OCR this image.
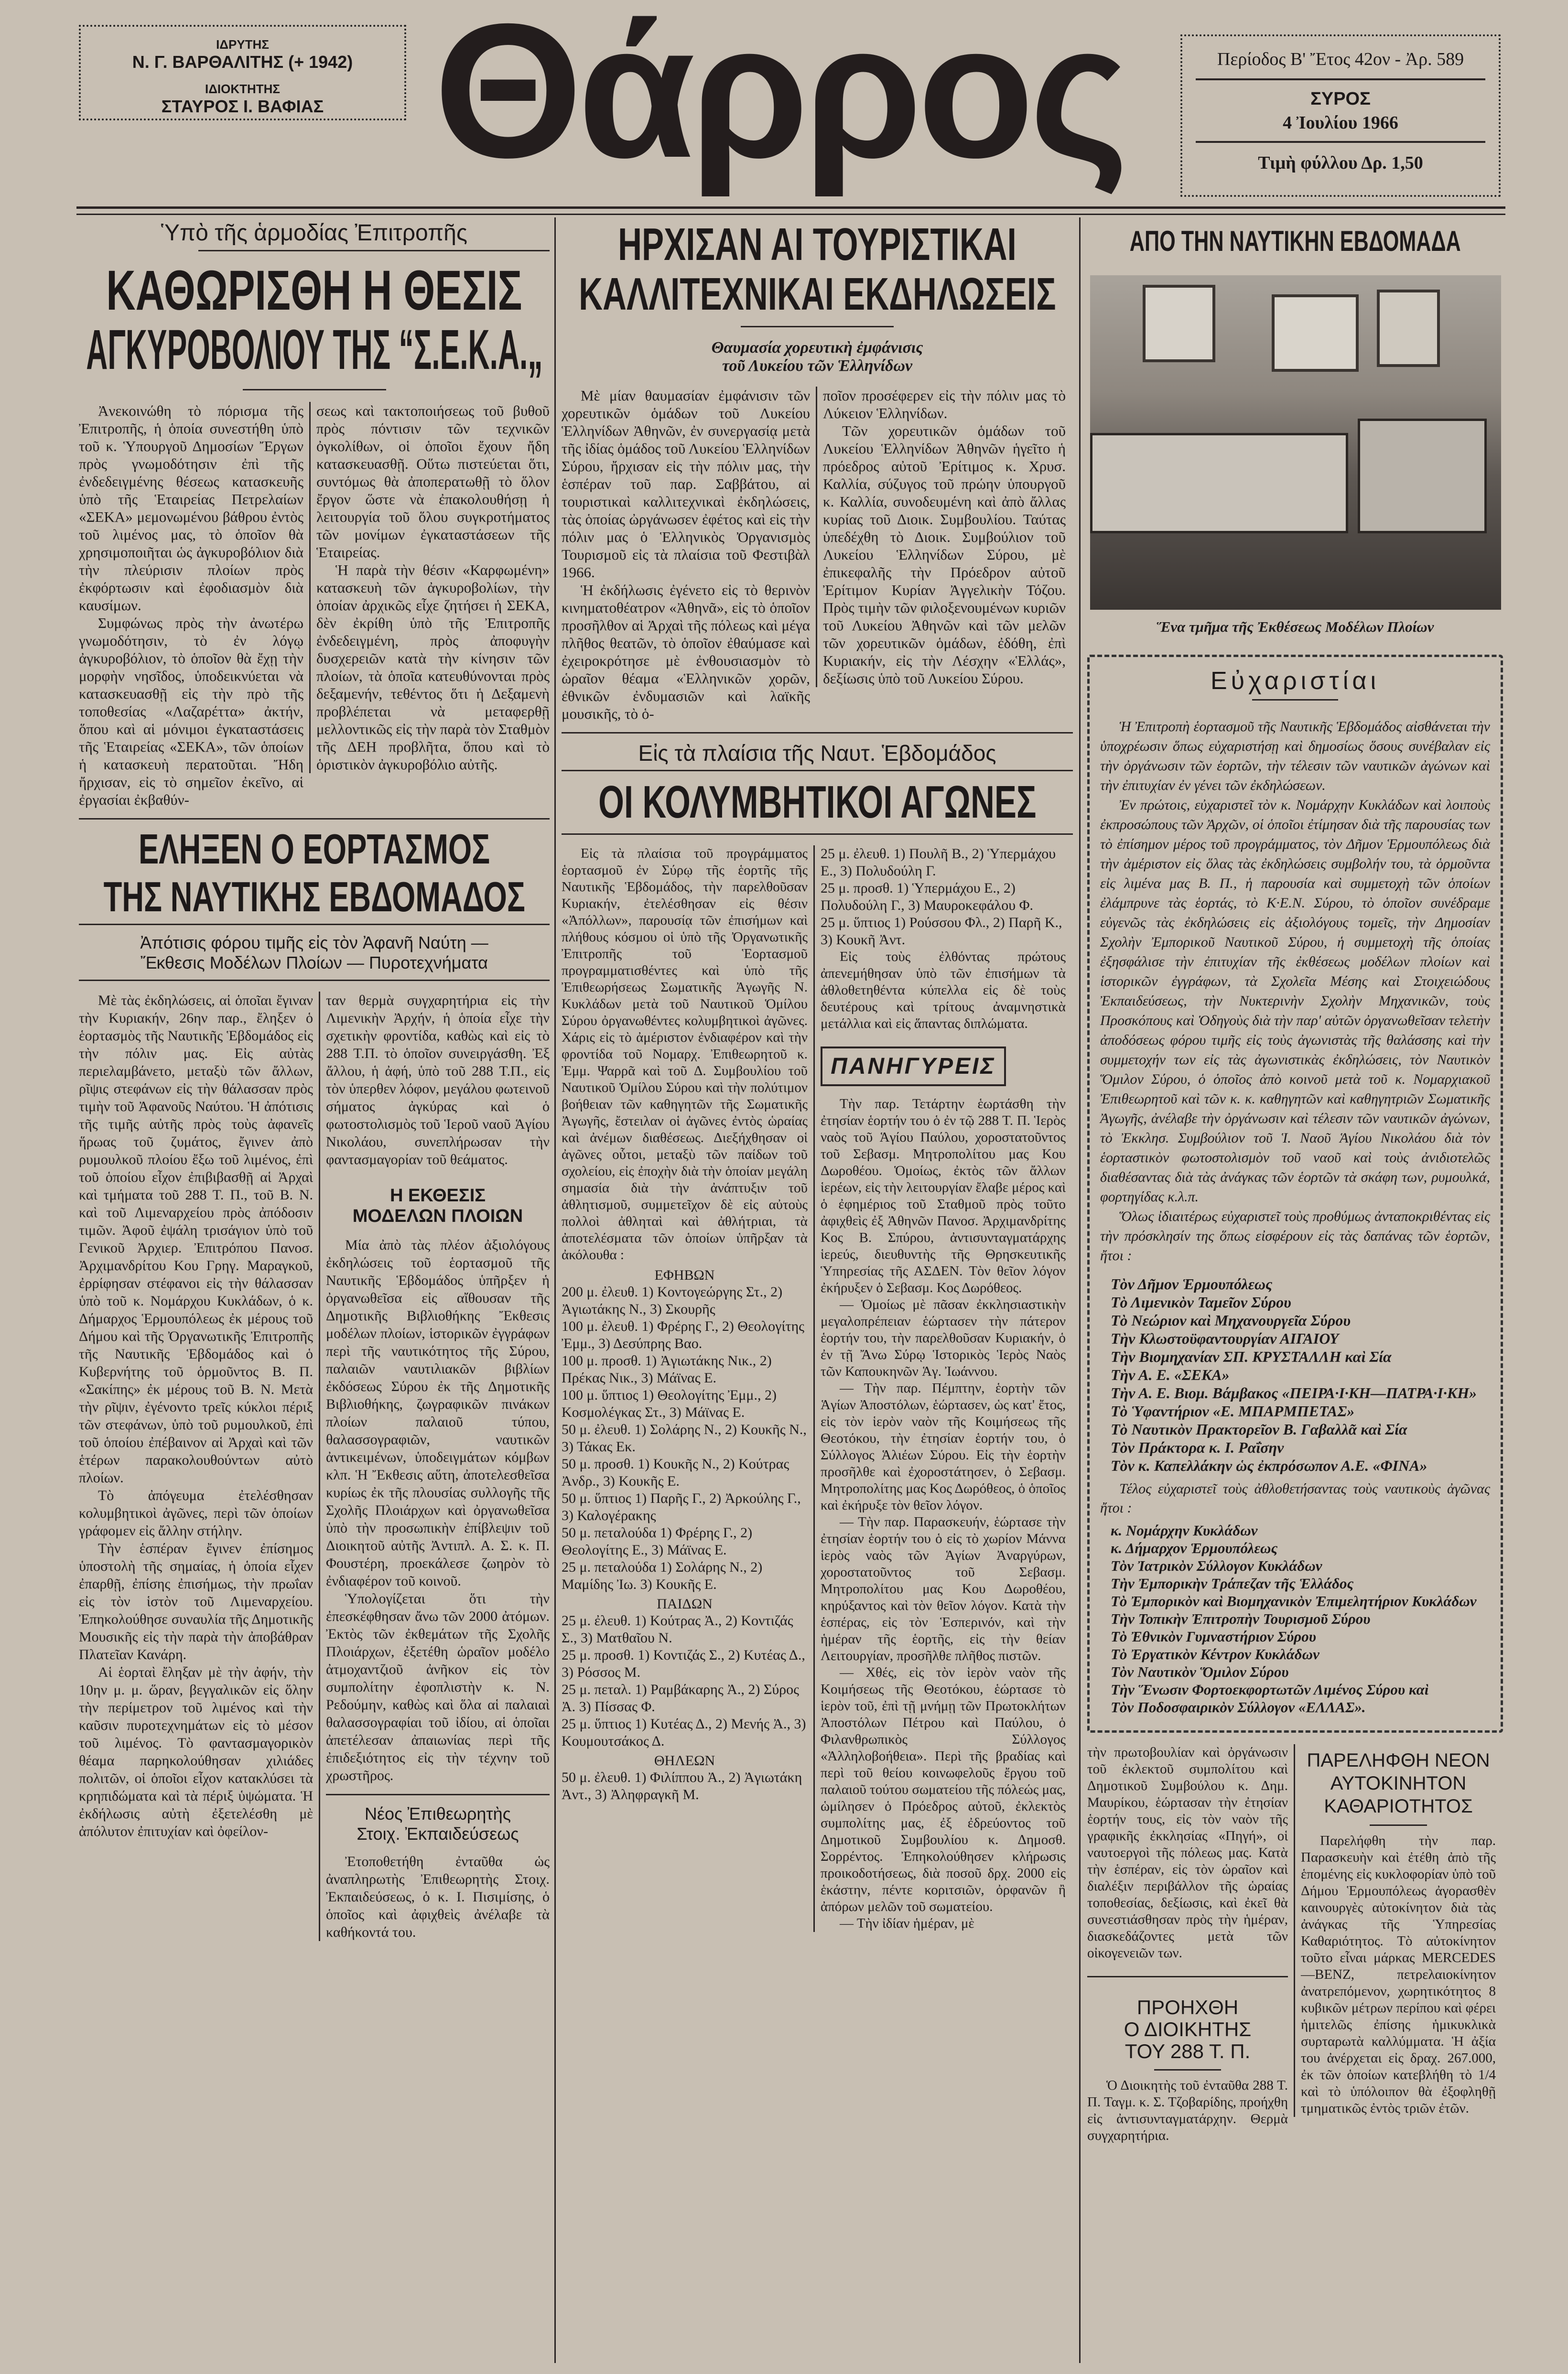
ΙΔΡΥΤΗΣ
Ν. Γ. ΒΑΡΘΑΛΙΤΗΣ (+ 1942)
ΙΔΙΟΚΤΗΤΗΣ
ΣΤΑΥΡΟΣ Ι. ΒΑΦΙΑΣ Θάρρος	Περίοδος Β' Ἔτος 42ον - Ἀρ. 589
ΣΥΡΟΣ
4 Ἰουλίου 1966
Τιμὴ φύλλου Δρ. 1,50
Ὑπὸ τῆς ἁρμοδίας Ἐπιτροπῆς
ΚΑΘΩΡΙΣΘΗ Η ΘΕΣΙΣ
ΑΓΚΥΡΟΒΟΛΙΟΥ ΤΗΣ “Σ.Ε.Κ.Α.„

Ἀνεκοινώθη τὸ πόρισμα τῆς Ἐπιτροπῆς, ἡ ὁποία συνεστήθη ὑπὸ τοῦ κ. Ὑπουργοῦ Δημοσίων Ἔργων πρὸς γνωμοδότησιν ἐπὶ τῆς ἐνδεδειγμένης θέσεως κατασκευῆς ὑπὸ τῆς Ἑταιρείας Πετρελαίων «ΣΕΚΑ» μεμονωμένου βάθρου ἐντὸς τοῦ λιμένος μας, τὸ ὁποῖον θὰ χρησιμοποιῆται ὡς ἀγκυροβόλιον διὰ τὴν πλεύρισιν πλοίων πρὸς ἐκφόρτωσιν καὶ ἐφοδιασμὸν διὰ καυσίμων.

Συμφώνως πρὸς τὴν ἀνωτέρω γνωμοδότησιν, τὸ ἐν λόγῳ ἀγκυροβόλιον, τὸ ὁποῖον θὰ ἔχῃ τὴν μορφὴν νησῖδος, ὑποδεικνύεται νὰ κατασκευασθῇ εἰς τὴν πρὸ τῆς τοποθεσίας «Λαζαρέττα» ἀκτήν, ὅπου καὶ αἱ μόνιμοι ἐγκαταστάσεις τῆς Ἑταιρείας «ΣΕΚΑ», τῶν ὁποίων ἡ κατασκευὴ περατοῦται. Ἤδη ἤρχισαν, εἰς τὸ σημεῖον ἐκεῖνο, αἱ ἐργασίαι ἐκβαθύν-

σεως καὶ τακτοποιήσεως τοῦ βυθοῦ πρὸς πόντισιν τῶν τεχνικῶν ὀγκολίθων, οἱ ὁποῖοι ἔχουν ἤδη κατασκευασθῇ. Οὕτω πιστεύεται ὅτι, συντόμως θὰ ἀποπερατωθῇ τὸ ὅλον ἔργον ὥστε νὰ ἐπακολουθήσῃ ἡ λειτουργία τοῦ ὅλου συγκροτήματος τῶν μονίμων ἐγκαταστάσεων τῆς Ἑταιρείας.

Ἡ παρὰ τὴν θέσιν «Καρφωμένη» κατασκευὴ τῶν ἀγκυροβολίων, τὴν ὁποίαν ἀρχικῶς εἶχε ζητήσει ἡ ΣΕΚΑ, δὲν ἐκρίθη ὑπὸ τῆς Ἐπιτροπῆς ἐνδεδειγμένη, πρὸς ἀποφυγὴν δυσχερειῶν κατὰ τὴν κίνησιν τῶν πλοίων, τὰ ὁποῖα κατευθύνονται πρὸς δεξαμενήν, τεθέντος ὅτι ἡ Δεξαμενὴ προβλέπεται νὰ μεταφερθῇ μελλοντικῶς εἰς τὴν παρὰ τὸν Σταθμὸν τῆς ΔΕΗ προβλῆτα, ὅπου καὶ τὸ ὁριστικὸν ἀγκυροβόλιο αὐτῆς.

ΕΛΗΞΕΝ Ο ΕΟΡΤΑΣΜΟΣ
ΤΗΣ ΝΑΥΤΙΚΗΣ ΕΒΔΟΜΑΔΟΣ
Ἀπότισις φόρου τιμῆς εἰς τὸν Ἀφανῆ Ναύτη —
Ἔκθεσις Μοδέλων Πλοίων — Πυροτεχνήματα

Μὲ τὰς ἐκδηλώσεις, αἱ ὁποῖαι ἔγιναν τὴν Κυριακήν, 26ην παρ., ἔληξεν ὁ ἑορτασμὸς τῆς Ναυτικῆς Ἑβδομάδος εἰς τὴν πόλιν μας. Εἰς αὐτὰς περιελαμβάνετο, μεταξὺ τῶν ἄλλων, ρῖψις στεφάνων εἰς τὴν θάλασσαν πρὸς τιμὴν τοῦ Ἀφανοῦς Ναύτου. Ἡ ἀπότισις τῆς τιμῆς αὐτῆς πρὸς τοὺς ἀφανεῖς ἥρωας τοῦ ζυμάτος, ἔγινεν ἀπὸ ρυμουλκοῦ πλοίου ἔξω τοῦ λιμένος, ἐπὶ τοῦ ὁποίου εἶχον ἐπιβιβασθῇ αἱ Ἀρχαὶ καὶ τμήματα τοῦ 288 Τ. Π., τοῦ Β. Ν. καὶ τοῦ Λιμεναρχείου πρὸς ἀπόδοσιν τιμῶν. Ἀφοῦ ἐψάλη τρισάγιον ὑπὸ τοῦ Γενικοῦ Ἀρχιερ. Ἐπιτρόπου Πανοσ. Ἀρχιμανδρίτου Κου Γρηγ. Μαραγκοῦ, ἐρρίφησαν στέφανοι εἰς τὴν θάλασσαν ὑπὸ τοῦ κ. Νομάρχου Κυκλάδων, ὁ κ. Δήμαρχος Ἑρμουπόλεως ἐκ μέρους τοῦ Δήμου καὶ τῆς Ὀργανωτικῆς Ἐπιτροπῆς τῆς Ναυτικῆς Ἑβδομάδος καὶ ὁ Κυβερνήτης τοῦ ὁρμοῦντος Β. Π. «Σακίπης» ἐκ μέρους τοῦ Β. Ν. Μετὰ τὴν ρῖψιν, ἐγένοντο τρεῖς κύκλοι πέριξ τῶν στεφάνων, ὑπὸ τοῦ ρυμουλκοῦ, ἐπὶ τοῦ ὁποίου ἐπέβαινον αἱ Ἀρχαὶ καὶ τῶν ἑτέρων παρακολουθούντων αὐτὸ πλοίων.

Τὸ ἀπόγευμα ἐτελέσθησαν κολυμβητικοὶ ἀγῶνες, περὶ τῶν ὁποίων γράφομεν εἰς ἄλλην στήλην.

Τὴν ἑσπέραν ἔγινεν ἐπίσημος ὑποστολὴ τῆς σημαίας, ἡ ὁποία εἶχεν ἐπαρθῇ, ἐπίσης ἐπισήμως, τὴν πρωΐαν εἰς τὸν ἱστὸν τοῦ Λιμεναρχείου. Ἐπηκολούθησε συναυλία τῆς Δημοτικῆς Μουσικῆς εἰς τὴν παρὰ τὴν ἀποβάθραν Πλατεῖαν Κανάρη.

Αἱ ἑορταὶ ἔληξαν μὲ τὴν ἀφήν, τὴν 10ην μ. μ. ὥραν, βεγγαλικῶν εἰς ὅλην τὴν περίμετρον τοῦ λιμένος καὶ τὴν καῦσιν πυροτεχνημάτων εἰς τὸ μέσον τοῦ λιμένος. Τὸ φαντασμαγορικὸν θέαμα παρηκολούθησαν χιλιάδες πολιτῶν, οἱ ὁποῖοι εἶχον κατακλύσει τὰ κρηπιδώματα καὶ τὰ πέριξ ὑψώματα. Ἡ ἐκδήλωσις αὐτὴ ἐξετελέσθη μὲ ἀπόλυτον ἐπιτυχίαν καὶ ὀφείλον-

ταν θερμὰ συγχαρητήρια εἰς τὴν Λιμενικὴν Ἀρχήν, ἡ ὁποία εἶχε τὴν σχετικὴν φροντίδα, καθὼς καὶ εἰς τὸ 288 Τ.Π. τὸ ὁποῖον συνειργάσθη. Ἐξ ἄλλου, ἡ ἀφή, ὑπὸ τοῦ 288 Τ.Π., εἰς τὸν ὑπερθεν λόφον, μεγάλου φωτεινοῦ σήματος ἀγκύρας καὶ ὁ φωτοστολισμὸς τοῦ Ἱεροῦ ναοῦ Ἁγίου Νικολάου, συνεπλήρωσαν τὴν φαντασμαγορίαν τοῦ θεάματος.

Η ΕΚΘΕΣΙΣ
ΜΟΔΕΛΩΝ ΠΛΟΙΩΝ

Μία ἀπὸ τὰς πλέον ἀξιολόγους ἐκδηλώσεις τοῦ ἑορτασμοῦ τῆς Ναυτικῆς Ἑβδομάδος ὑπῆρξεν ἡ ὀργανωθεῖσα εἰς αἴθουσαν τῆς Δημοτικῆς Βιβλιοθήκης Ἔκθεσις μοδέλων πλοίων, ἱστορικῶν ἐγγράφων περὶ τῆς ναυτικότητος τῆς Σύρου, παλαιῶν ναυτιλιακῶν βιβλίων ἐκδόσεως Σύρου ἐκ τῆς Δημοτικῆς Βιβλιοθήκης, ζωγραφικῶν πινάκων πλοίων παλαιοῦ τύπου, θαλασσογραφιῶν, ναυτικῶν ἀντικειμένων, ὑποδειγμάτων κόμβων κλπ. Ἡ Ἔκθεσις αὕτη, ἀποτελεσθεῖσα κυρίως ἐκ τῆς πλουσίας συλλογῆς τῆς Σχολῆς Πλοιάρχων καὶ ὀργανωθεῖσα ὑπὸ τὴν προσωπικὴν ἐπίβλεψιν τοῦ Διοικητοῦ αὐτῆς Ἀντιπλ. Α. Σ. κ. Π. Φουστέρη, προεκάλεσε ζωηρὸν τὸ ἐνδιαφέρον τοῦ κοινοῦ.

Ὑπολογίζεται ὅτι τὴν ἐπεσκέφθησαν ἄνω τῶν 2000 ἀτόμων. Ἐκτὸς τῶν ἐκθεμάτων τῆς Σχολῆς Πλοιάρχων, ἐξετέθη ὡραῖον μοδέλο ἀτμοχαντζιοῦ ἀνῆκον εἰς τὸν συμπολίτην ἐφοπλιστὴν κ. Ν. Ρεδούμην, καθὼς καὶ ὅλα αἱ παλαιαὶ θαλασσογραφίαι τοῦ ἰδίου, αἱ ὁποῖαι ἀπετέλεσαν ἀπαιωνίας περὶ τῆς ἐπιδεξιότητος εἰς τὴν τέχνην τοῦ χρωστῆρος.

Νέος Ἐπιθεωρητὴς
Στοιχ. Ἐκπαιδεύσεως

Ἐτοποθετήθη ἐνταῦθα ὡς ἀναπληρωτὴς Ἐπιθεωρητὴς Στοιχ. Ἐκπαιδεύσεως, ὁ κ. Ι. Πισιμίσης, ὁ ὁποῖος καὶ ἀφιχθεὶς ἀνέλαβε τὰ καθήκοντά του.

ΗΡΧΙΣΑΝ ΑΙ ΤΟΥΡΙΣΤΙΚΑΙ
ΚΑΛΛΙΤΕΧΝΙΚΑΙ ΕΚΔΗΛΩΣΕΙΣ
Θαυμασία χορευτικὴ ἐμφάνισις
τοῦ Λυκείου τῶν Ἑλληνίδων

Μὲ μίαν θαυμασίαν ἐμφάνισιν τῶν χορευτικῶν ὁμάδων τοῦ Λυκείου Ἑλληνίδων Ἀθηνῶν, ἐν συνεργασίᾳ μετὰ τῆς ἰδίας ὁμάδος τοῦ Λυκείου Ἑλληνίδων Σύρου, ἤρχισαν εἰς τὴν πόλιν μας, τὴν ἑσπέραν τοῦ παρ. Σαββάτου, αἱ τουριστικαὶ καλλιτεχνικαὶ ἐκδηλώσεις, τὰς ὁποίας ὠργάνωσεν ἐφέτος καὶ εἰς τὴν πόλιν μας ὁ Ἑλληνικὸς Ὀργανισμὸς Τουρισμοῦ εἰς τὰ πλαίσια τοῦ Φεστιβὰλ 1966.

Ἡ ἐκδήλωσις ἐγένετο εἰς τὸ θερινὸν κινηματοθέατρον «Ἀθηνᾶ», εἰς τὸ ὁποῖον προσῆλθον αἱ Ἀρχαὶ τῆς πόλεως καὶ μέγα πλῆθος θεατῶν, τὸ ὁποῖον ἐθαύμασε καὶ ἐχειροκρότησε μὲ ἐνθουσιασμὸν τὸ ὡραῖον θέαμα «Ἑλληνικῶν χορῶν, ἐθνικῶν ἐνδυμασιῶν καὶ λαϊκῆς μουσικῆς, τὸ ὁ-

ποῖον προσέφερεν εἰς τὴν πόλιν μας τὸ Λύκειον Ἑλληνίδων.

Τῶν χορευτικῶν ὁμάδων τοῦ Λυκείου Ἑλληνίδων Ἀθηνῶν ἡγεῖτο ἡ πρόεδρος αὐτοῦ Ἐρίτιμος κ. Χρυσ. Καλλία, σύζυγος τοῦ πρώην ὑπουργοῦ κ. Καλλία, συνοδευμένη καὶ ἀπὸ ἄλλας κυρίας τοῦ Διοικ. Συμβουλίου. Ταύτας ὑπεδέχθη τὸ Διοικ. Συμβούλιον τοῦ Λυκείου Ἑλληνίδων Σύρου, μὲ ἐπικεφαλῆς τὴν Πρόεδρον αὐτοῦ Ἐρίτιμον Κυρίαν Ἀγγελικὴν Τόζου. Πρὸς τιμὴν τῶν φιλοξενουμένων κυριῶν τοῦ Λυκείου Ἀθηνῶν καὶ τῶν μελῶν τῶν χορευτικῶν ὁμάδων, ἐδόθη, ἐπὶ Κυριακήν, εἰς τὴν Λέσχην «Ἑλλάς», δεξίωσις ὑπὸ τοῦ Λυκείου Σύρου.

Εἰς τὰ πλαίσια τῆς Ναυτ. Ἑβδομάδος
ΟΙ ΚΟΛΥΜΒΗΤΙΚΟΙ ΑΓΩΝΕΣ

Εἰς τὰ πλαίσια τοῦ προγράμματος ἑορτασμοῦ ἐν Σύρῳ τῆς ἑορτῆς τῆς Ναυτικῆς Ἑβδομάδος, τὴν παρελθοῦσαν Κυριακήν, ἐτελέσθησαν εἰς θέσιν «Ἀπόλλων», παρουσίᾳ τῶν ἐπισήμων καὶ πλήθους κόσμου οἱ ὑπὸ τῆς Ὀργανωτικῆς Ἐπιτροπῆς τοῦ Ἑορτασμοῦ προγραμματισθέντες καὶ ὑπὸ τῆς Ἐπιθεωρήσεως Σωματικῆς Ἀγωγῆς Ν. Κυκλάδων μετὰ τοῦ Ναυτικοῦ Ὁμίλου Σύρου ὀργανωθέντες κολυμβητικοὶ ἀγῶνες. Χάρις εἰς τὸ ἀμέριστον ἐνδιαφέρον καὶ τὴν φροντίδα τοῦ Νομαρχ. Ἐπιθεωρητοῦ κ. Ἐμμ. Ψαρρᾶ καὶ τοῦ Δ. Συμβουλίου τοῦ Ναυτικοῦ Ὁμίλου Σύρου καὶ τὴν πολύτιμον βοήθειαν τῶν καθηγητῶν τῆς Σωματικῆς Ἀγωγῆς, ἔστειλαν οἱ ἀγῶνες ἐντὸς ὡραίας καὶ ἀνέμων διαθέσεως. Διεξήχθησαν οἱ ἀγῶνες οὗτοι, μεταξὺ τῶν παίδων τοῦ σχολείου, εἰς ἐποχὴν διὰ τὴν ὁποίαν μεγάλη σημασία διὰ τὴν ἀνάπτυξιν τοῦ ἀθλητισμοῦ, συμμετεῖχον δὲ εἰς αὐτοὺς πολλοὶ ἀθληταὶ καὶ ἀθλήτριαι, τὰ ἀποτελέσματα τῶν ὁποίων ὑπῆρξαν τὰ ἀκόλουθα :

ΕΦΗΒΩΝ
200 μ. ἐλευθ. 1) Κοντογεώργης Στ., 2) Ἀγιωτάκης Ν., 3) Σκουρῆς
100 μ. ἐλευθ. 1) Φρέρης Γ., 2) Θεολογίτης Ἐμμ., 3) Δεσύπρης Βαο.
100 μ. προσθ. 1) Ἀγιωτάκης Νικ., 2) Πρέκας Νικ., 3) Μάϊνας Ε.
100 μ. ὕπτιος 1) Θεολογίτης Ἐμμ., 2) Κοσμολέγκας Στ., 3) Μάϊνας Ε.
50 μ. ἐλευθ. 1) Σολάρης Ν., 2) Κουκῆς Ν., 3) Τάκας Εκ.
50 μ. προσθ. 1) Κουκῆς Ν., 2) Κούτρας Ἀνδρ., 3) Κουκῆς Ε.
50 μ. ὕπτιος 1) Παρῆς Γ., 2) Ἀρκούλης Γ., 3) Καλογέρακης
50 μ. πεταλούδα 1) Φρέρης Γ., 2) Θεολογίτης Ε., 3) Μάϊνας Ε.
25 μ. πεταλούδα 1) Σολάρης Ν., 2) Μαμίδης Ἰω. 3) Κουκῆς Ε.
ΠΑΙΔΩΝ
25 μ. ἐλευθ. 1) Κούτρας Ἀ., 2) Κοντιζάς Σ., 3) Ματθαῖου Ν.
25 μ. προσθ. 1) Κοντιζάς Σ., 2) Κυτέας Δ., 3) Ρόσσος Μ.
25 μ. πεταλ. 1) Ραμβάκαρης Ἀ., 2) Σύρος Ἀ. 3) Πίσσας Φ.
25 μ. ὕπτιος 1) Κυτέας Δ., 2) Μενής Ἀ., 3) Κουμουτσάκος Δ.
ΘΗΛΕΩΝ
50 μ. ἐλευθ. 1) Φιλίππου Ἀ., 2) Ἀγιωτάκη Ἀντ., 3) Ἀληφραγκῆ Μ.
25 μ. ἐλευθ. 1) Πουλῆ Β., 2) Ὑπερμάχου Ε., 3) Πολυδούλη Γ.
25 μ. προσθ. 1) Ὑπερμάχου Ε., 2) Πολυδούλη Γ., 3) Μαυροκεφάλου Φ.
25 μ. ὕπτιος 1) Ρούσσου Φλ., 2) Παρῆ Κ., 3) Κουκῆ Ἀντ.

Εἰς τοὺς ἐλθόντας πρώτους ἀπενεμήθησαν ὑπὸ τῶν ἐπισήμων τὰ ἀθλοθετηθέντα κύπελλα εἰς δὲ τοὺς δευτέρους καὶ τρίτους ἀναμνηστικὰ μετάλλια καὶ εἰς ἅπαντας διπλώματα.

ΠΑΝΗΓΥΡΕΙΣ

Τὴν παρ. Τετάρτην ἑωρτάσθη τὴν ἐτησίαν ἑορτήν του ὁ ἐν τῷ 288 Τ. Π. Ἱερὸς ναὸς τοῦ Ἁγίου Παύλου, χοροστατοῦντος τοῦ Σεβασμ. Μητροπολίτου μας Κου Δωροθέου. Ὁμοίως, ἐκτὸς τῶν ἄλλων ἱερέων, εἰς τὴν λειτουργίαν ἔλαβε μέρος καὶ ὁ ἐφημέριος τοῦ Σταθμοῦ πρὸς τοῦτο ἀφιχθεὶς ἐξ Ἀθηνῶν Πανοσ. Ἀρχιμανδρίτης Κος Β. Σπύρου, ἀντισυνταγματάρχης ἱερεύς, διευθυντὴς τῆς Θρησκευτικῆς Ὑπηρεσίας τῆς ΑΣΔΕΝ. Τὸν θεῖον λόγον ἐκήρυξεν ὁ Σεβασμ. Κος Δωρόθεος.

— Ὁμοίως μὲ πᾶσαν ἐκκλησιαστικὴν μεγαλοπρέπειαν ἑώρτασεν τὴν πάτερον ἑορτήν του, τὴν παρελθοῦσαν Κυριακήν, ὁ ἐν τῇ Ἄνω Σύρῳ Ἱστορικὸς Ἱερὸς Ναὸς τῶν Καπουκηνῶν Ἁγ. Ἰωάννου.

— Τὴν παρ. Πέμπτην, ἑορτὴν τῶν Ἁγίων Ἀποστόλων, ἑώρτασεν, ὡς κατ' ἔτος, εἰς τὸν ἱερὸν ναὸν τῆς Κοιμήσεως τῆς Θεοτόκου, τὴν ἐτησίαν ἑορτήν του, ὁ Σύλλογος Ἁλιέων Σύρου. Εἰς τὴν ἑορτὴν προσῆλθε καὶ ἐχοροστάτησεν, ὁ Σεβασμ. Μητροπολίτης μας Κος Δωρόθεος, ὁ ὁποῖος καὶ ἐκήρυξε τὸν θεῖον λόγον.

— Τὴν παρ. Παρασκευήν, ἑώρτασε τὴν ἐτησίαν ἑορτήν του ὁ εἰς τὸ χωρίον Μάννα ἱερὸς ναὸς τῶν Ἁγίων Ἀναργύρων, χοροστατοῦντος τοῦ Σεβασμ. Μητροπολίτου μας Κου Δωροθέου, κηρύξαντος καὶ τὸν θεῖον λόγον. Κατὰ τὴν ἑσπέρας, εἰς τὸν Ἑσπερινόν, καὶ τὴν ἡμέραν τῆς ἑορτῆς, εἰς τὴν θείαν Λειτουργίαν, προσῆλθε πλῆθος πιστῶν.

— Χθές, εἰς τὸν ἱερὸν ναὸν τῆς Κοιμήσεως τῆς Θεοτόκου, ἑώρτασε τὸ ἱερὸν τοῦ, ἐπὶ τῇ μνήμῃ τῶν Πρωτοκλήτων Ἀποστόλων Πέτρου καὶ Παύλου, ὁ Φιλανθρωπικὸς Σύλλογος «Ἀλληλοβοήθεια». Περὶ τῆς βραδίας καὶ περὶ τοῦ θείου κοινωφελοῦς ἔργου τοῦ παλαιοῦ τούτου σωματείου τῆς πόλεώς μας, ὡμίλησεν ὁ Πρόεδρος αὐτοῦ, ἐκλεκτὸς συμπολίτης μας, ἐξ ἐδρεύοντος τοῦ Δημοτικοῦ Συμβουλίου κ. Δημοσθ. Σορρέντος. Ἐπηκολούθησεν κλήρωσις προικοδοτήσεως, διὰ ποσοῦ δρχ. 2000 εἰς ἑκάστην, πέντε κοριτσιῶν, ὀρφανῶν ἢ ἀπόρων μελῶν τοῦ σωματείου.

— Τὴν ἰδίαν ἡμέραν, μὲ

ΑΠΟ ΤΗΝ ΝΑΥΤΙΚΗΝ ΕΒΔΟΜΑΔΑ
Ἕνα τμῆμα τῆς Ἐκθέσεως Μοδέλων Πλοίων
Εὐχαριστίαι

Ἡ Ἐπιτροπὴ ἑορτασμοῦ τῆς Ναυτικῆς Ἑβδομάδος αἰσθάνεται τὴν ὑποχρέωσιν ὅπως εὐχαριστήσῃ καὶ δημοσίως ὅσους συνέβαλαν εἰς τὴν ὀργάνωσιν τῶν ἑορτῶν, τὴν τέλεσιν τῶν ναυτικῶν ἀγώνων καὶ τὴν ἐπιτυχίαν ἐν γένει τῶν ἐκδηλώσεων.

Ἐν πρώτοις, εὐχαριστεῖ τὸν κ. Νομάρχην Κυκλάδων καὶ λοιποὺς ἐκπροσώπους τῶν Ἀρχῶν, οἱ ὁποῖοι ἐτίμησαν διὰ τῆς παρουσίας των τὸ ἐπίσημον μέρος τοῦ προγράμματος, τὸν Δῆμον Ἑρμουπόλεως διὰ τὴν ἀμέριστον εἰς ὅλας τὰς ἐκδηλώσεις συμβολήν του, τὰ ὁρμοῦντα εἰς λιμένα μας Β. Π., ἡ παρουσία καὶ συμμετοχὴ τῶν ὁποίων ἐλάμπρυνε τὰς ἑορτάς, τὸ Κ·Ε.Ν. Σύρου, τὸ ὁποῖον συνέδραμε εὐγενῶς τὰς ἐκδηλώσεις εἰς ἀξιολόγους τομεῖς, τὴν Δημοσίαν Σχολὴν Ἐμπορικοῦ Ναυτικοῦ Σύρου, ἡ συμμετοχὴ τῆς ὁποίας ἐξησφάλισε τὴν ἐπιτυχίαν τῆς ἐκθέσεως μοδέλων πλοίων καὶ ἱστορικῶν ἐγγράφων, τὰ Σχολεῖα Μέσης καὶ Στοιχειώδους Ἐκπαιδεύσεως, τὴν Νυκτερινὴν Σχολὴν Μηχανικῶν, τοὺς Προσκόπους καὶ Ὁδηγοὺς διὰ τὴν παρ' αὐτῶν ὀργανωθεῖσαν τελετὴν ἀποδόσεως φόρου τιμῆς εἰς τοὺς ἀγωνιστὰς τῆς θαλάσσης καὶ τὴν συμμετοχήν των εἰς τὰς ἀγωνιστικὰς ἐκδηλώσεις, τὸν Ναυτικὸν Ὅμιλον Σύρου, ὁ ὁποῖος ἀπὸ κοινοῦ μετὰ τοῦ κ. Νομαρχιακοῦ Ἐπιθεωρητοῦ καὶ τῶν κ. κ. καθηγητῶν καὶ καθηγητριῶν Σωματικῆς Ἀγωγῆς, ἀνέλαβε τὴν ὀργάνωσιν καὶ τέλεσιν τῶν ναυτικῶν ἀγώνων, τὸ Ἐκκλησ. Συμβούλιον τοῦ Ἱ. Ναοῦ Ἁγίου Νικολάου διὰ τὸν ἑορταστικὸν φωτοστολισμὸν τοῦ ναοῦ καὶ τοὺς ἀνιδιοτελῶς διαθέσαντας διὰ τὰς ἀνάγκας τῶν ἑορτῶν τὰ σκάφη των, ρυμουλκά, φορτηγίδας κ.λ.π.

Ὅλως ἰδιαιτέρως εὐχαριστεῖ τοὺς προθύμως ἀνταποκριθέντας εἰς τὴν πρόσκλησίν της ὅπως εἰσφέρουν εἰς τὰς δαπάνας τῶν ἑορτῶν, ἤτοι :

Τὸν Δῆμον Ἑρμουπόλεως
Τὸ Λιμενικὸν Ταμεῖον Σύρου
Τὸ Νεώριον καὶ Μηχανουργεῖα Σύρου
Τὴν Κλωστοϋφαντουργίαν ΑΙΓΑΙΟΥ
Τὴν Βιομηχανίαν ΣΠ. ΚΡΥΣΤΑΛΛΗ καὶ Σία
Τὴν Α. Ε. «ΣΕΚΑ»
Τὴν Α. Ε. Βιομ. Βάμβακος «ΠΕΙΡΑ·Ι·ΚΗ—ΠΑΤΡΑ·Ι·ΚΗ»
Τὸ Ὑφαντήριον «Ε. ΜΠΑΡΜΠΕΤΑΣ»
Τὸ Ναυτικὸν Πρακτορεῖον Β. Γαβαλλᾶ καὶ Σία
Τὸν Πράκτορα κ. Ι. Ραΐσην
Τὸν κ. Καπελλάκην ὡς ἐκπρόσωπον Α.Ε. «ΦΙΝΑ»

Τέλος εὐχαριστεῖ τοὺς ἀθλοθετήσαντας τοὺς ναυτικοὺς ἀγῶνας ἤτοι :

κ. Νομάρχην Κυκλάδων
κ. Δήμαρχον Ἑρμουπόλεως
Τὸν Ἰατρικὸν Σύλλογον Κυκλάδων
Τὴν Ἐμπορικὴν Τράπεζαν τῆς Ἑλλάδος
Τὸ Ἐμπορικὸν καὶ Βιομηχανικὸν Ἐπιμελητήριον Κυκλάδων
Τὴν Τοπικὴν Ἐπιτροπὴν Τουρισμοῦ Σύρου
Τὸ Ἐθνικὸν Γυμναστήριον Σύρου
Τὸ Ἐργατικὸν Κέντρον Κυκλάδων
Τὸν Ναυτικὸν Ὅμιλον Σύρου
Τὴν Ἕνωσιν Φορτοεκφορτωτῶν Λιμένος Σύρου καὶ
Τὸν Ποδοσφαιρικὸν Σύλλογον «ΕΛΛΑΣ».

τὴν πρωτοβουλίαν καὶ ὀργάνωσιν τοῦ ἐκλεκτοῦ συμπολίτου καὶ Δημοτικοῦ Συμβούλου κ. Δημ. Μαυρίκου, ἑώρτασαν τὴν ἐτησίαν ἑορτήν τους, εἰς τὸν ναὸν τῆς γραφικῆς ἐκκλησίας «Πηγή», οἱ ναυτοεργοὶ τῆς πόλεως μας. Κατὰ τὴν ἑσπέραν, εἰς τὸν ὡραῖον καὶ διαλέξιν περιβάλλον τῆς ὡραίας τοποθεσίας, δεξίωσις, καὶ ἐκεῖ θὰ συνεστιάσθησαν πρὸς τὴν ἡμέραν, διασκεδάζοντες μετὰ τῶν οἰκογενειῶν των.

ΠΡΟΗΧΘΗ
Ο ΔΙΟΙΚΗΤΗΣ
ΤΟΥ 288 Τ. Π.

Ὁ Διοικητὴς τοῦ ἐνταῦθα 288 Τ. Π. Ταγμ. κ. Σ. Τζοβαρίδης, προήχθη εἰς ἀντισυνταγματάρχην. Θερμὰ συγχαρητήρια.

ΠΑΡΕΛΗΦΘΗ ΝΕΟΝ
ΑΥΤΟΚΙΝΗΤΟΝ
ΚΑΘΑΡΙΟΤΗΤΟΣ

Παρελήφθη τὴν παρ. Παρασκευὴν καὶ ἐτέθη ἀπὸ τῆς ἑπομένης εἰς κυκλοφορίαν ὑπὸ τοῦ Δήμου Ἑρμουπόλεως ἀγορασθὲν καινουργὲς αὐτοκίνητον διὰ τὰς ἀνάγκας τῆς Ὑπηρεσίας Καθαριότητος. Τὸ αὐτοκίνητον τοῦτο εἶναι μάρκας MERCEDES—BENZ, πετρελαιοκίνητον ἀνατρεπόμενον, χωρητικότητος 8 κυβικῶν μέτρων περίπου καὶ φέρει ἡμιτελῶς ἐπίσης ἡμικυκλικὰ συρταρωτὰ καλλύμματα. Ἡ ἀξία του ἀνέρχεται εἰς δραχ. 267.000, ἐκ τῶν ὁποίων κατεβλήθη τὸ 1/4 καὶ τὸ ὑπόλοιπον θὰ ἐξοφληθῇ τμηματικῶς ἐντὸς τριῶν ἐτῶν.
